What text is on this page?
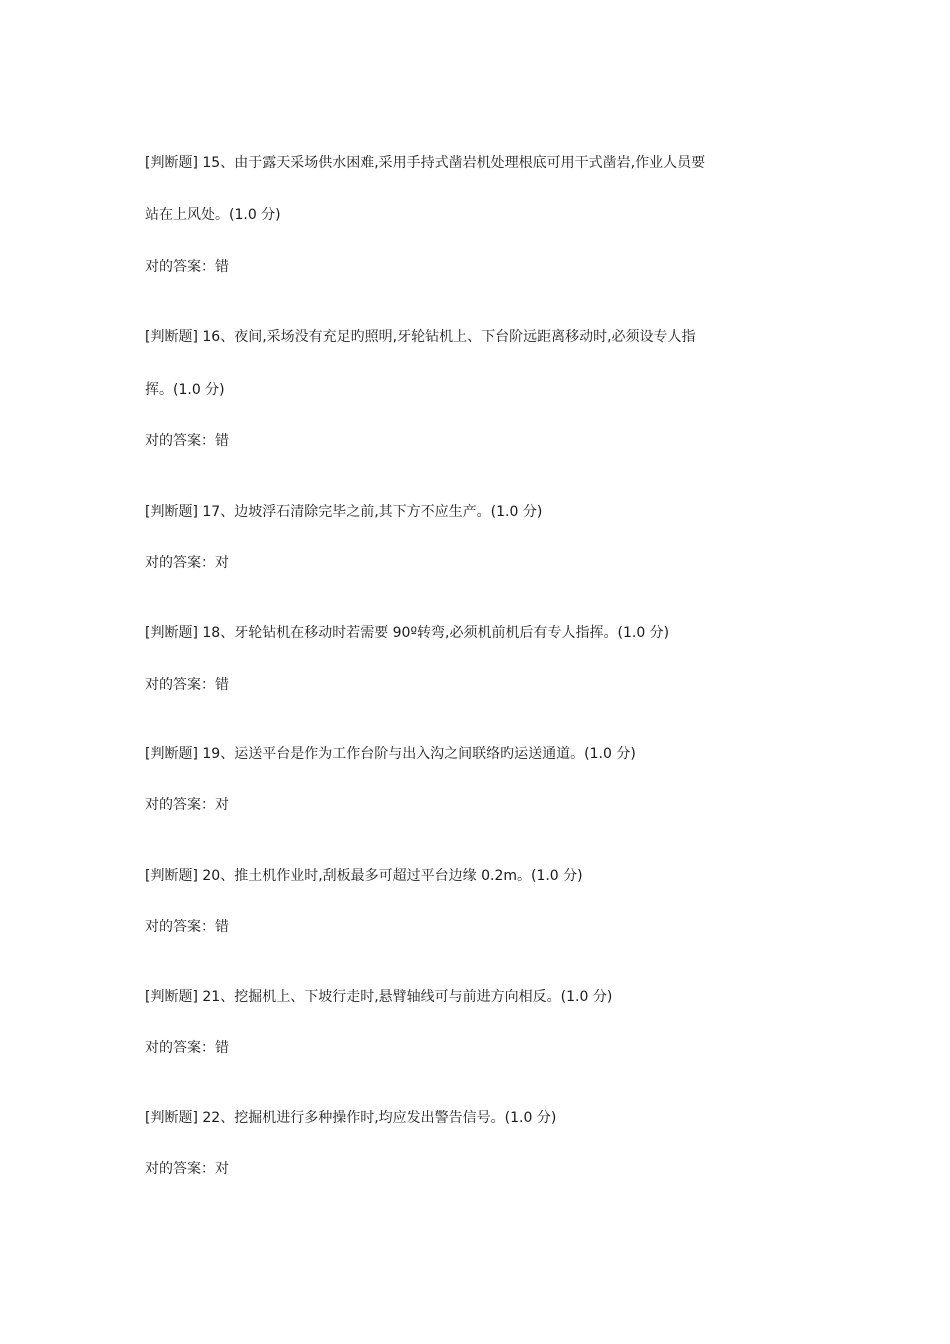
[判断题] 15、由于露天采场供水困难,采用手持式凿岩机处理根底可用干式凿岩,作业人员要
站在上风处。(1.0 分)
对的答案：错
[判断题] 16、夜间,采场没有充足旳照明,牙轮钻机上、下台阶远距离移动时,必须设专人指
挥。(1.0 分)
对的答案：错
[判断题] 17、边坡浮石清除完毕之前,其下方不应生产。(1.0 分)
对的答案：对
[判断题] 18、牙轮钻机在移动时若需要 90º转弯,必须机前机后有专人指挥。(1.0 分)
对的答案：错
[判断题] 19、运送平台是作为工作台阶与出入沟之间联络旳运送通道。(1.0 分)
对的答案：对
[判断题] 20、推土机作业时,刮板最多可超过平台边缘 0.2m。(1.0 分)
对的答案：错
[判断题] 21、挖掘机上、下坡行走时,悬臂轴线可与前进方向相反。(1.0 分)
对的答案：错
[判断题] 22、挖掘机进行多种操作时,均应发出警告信号。(1.0 分)
对的答案：对
